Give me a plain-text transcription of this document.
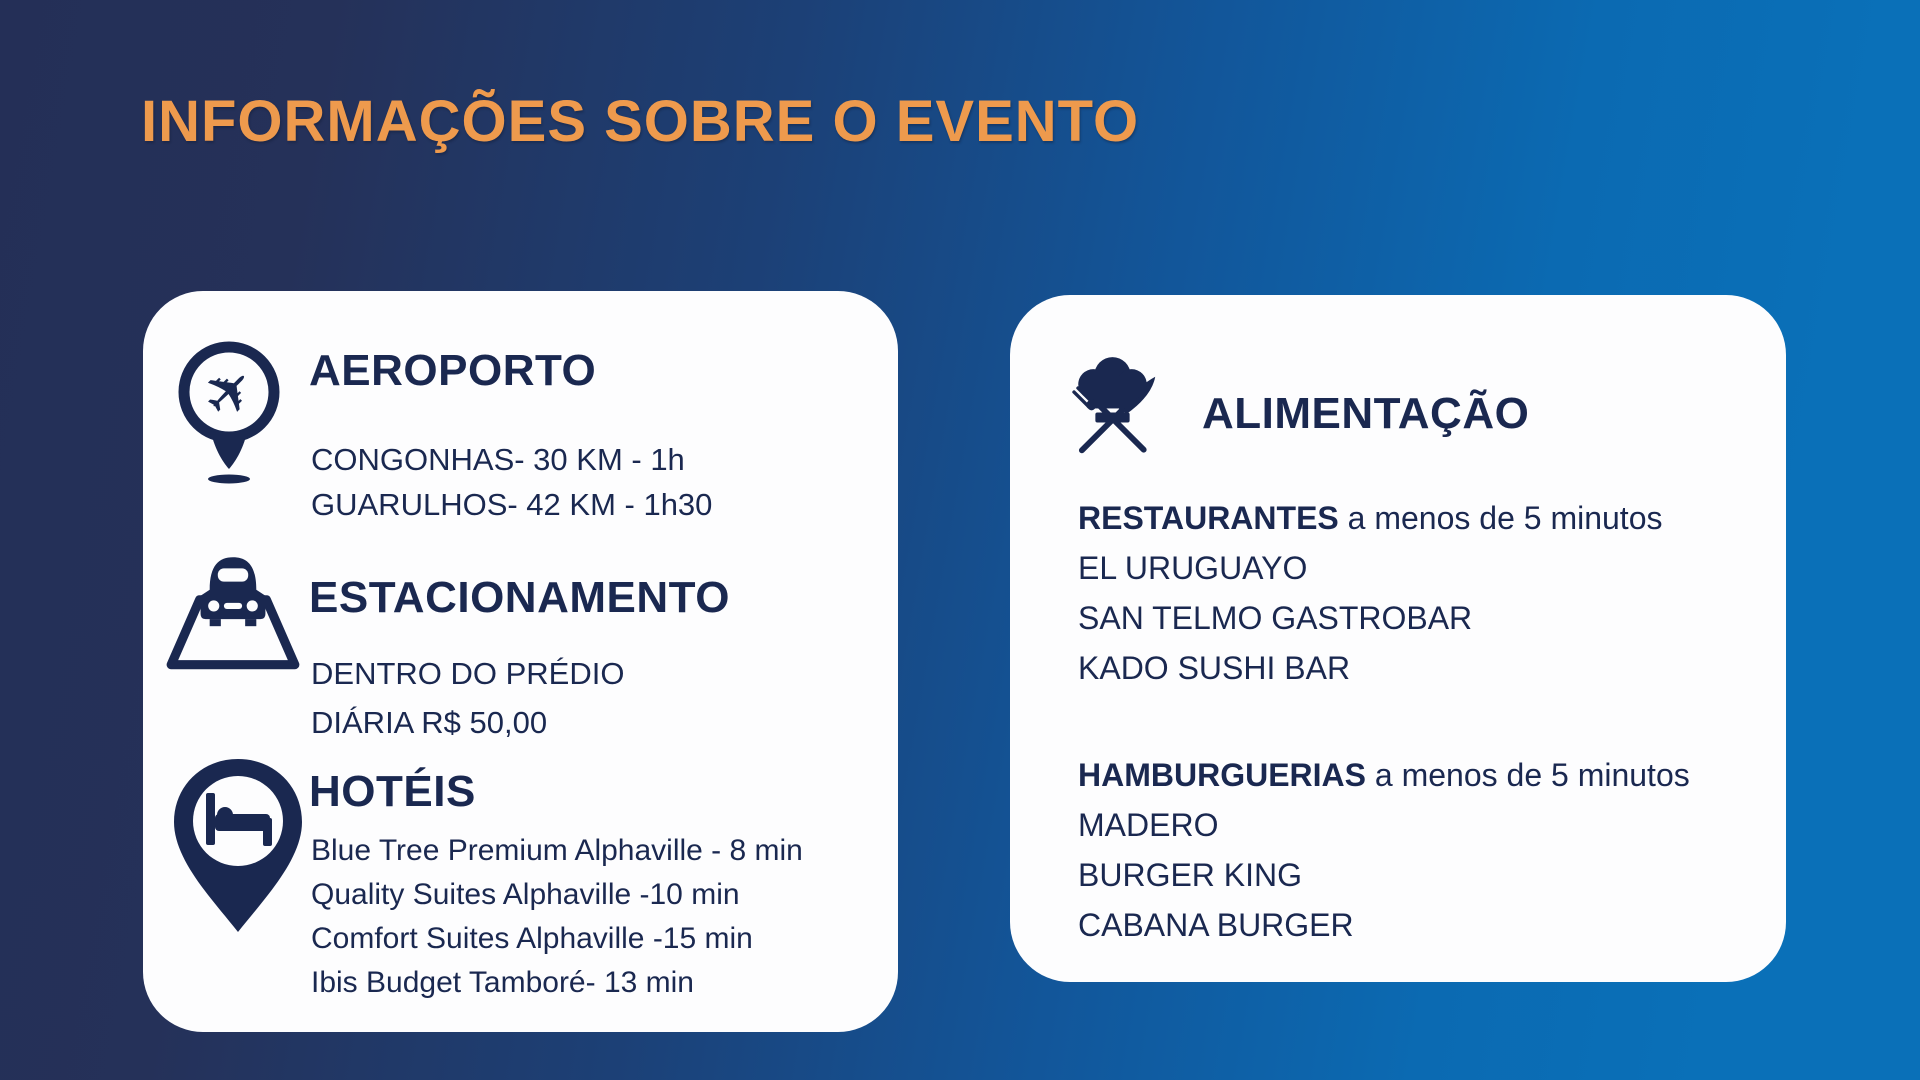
INFORMAÇÕES SOBRE O EVENTO
✈ AEROPORTO
CONGONHAS- 30 KM - 1h
GUARULHOS- 42 KM - 1h30
ESTACIONAMENTO
DENTRO DO PRÉDIO
DIÁRIA R$ 50,00
HOTÉIS
Blue Tree Premium Alphaville - 8 min
Quality Suites Alphaville -10 min
Comfort Suites Alphaville -15 min
Ibis Budget Tamboré- 13 min
ALIMENTAÇÃO
RESTAURANTES a menos de 5 minutos
EL URUGUAYO
SAN TELMO GASTROBAR
KADO SUSHI BAR
HAMBURGUERIAS a menos de 5 minutos
MADERO
BURGER KING
CABANA BURGER
